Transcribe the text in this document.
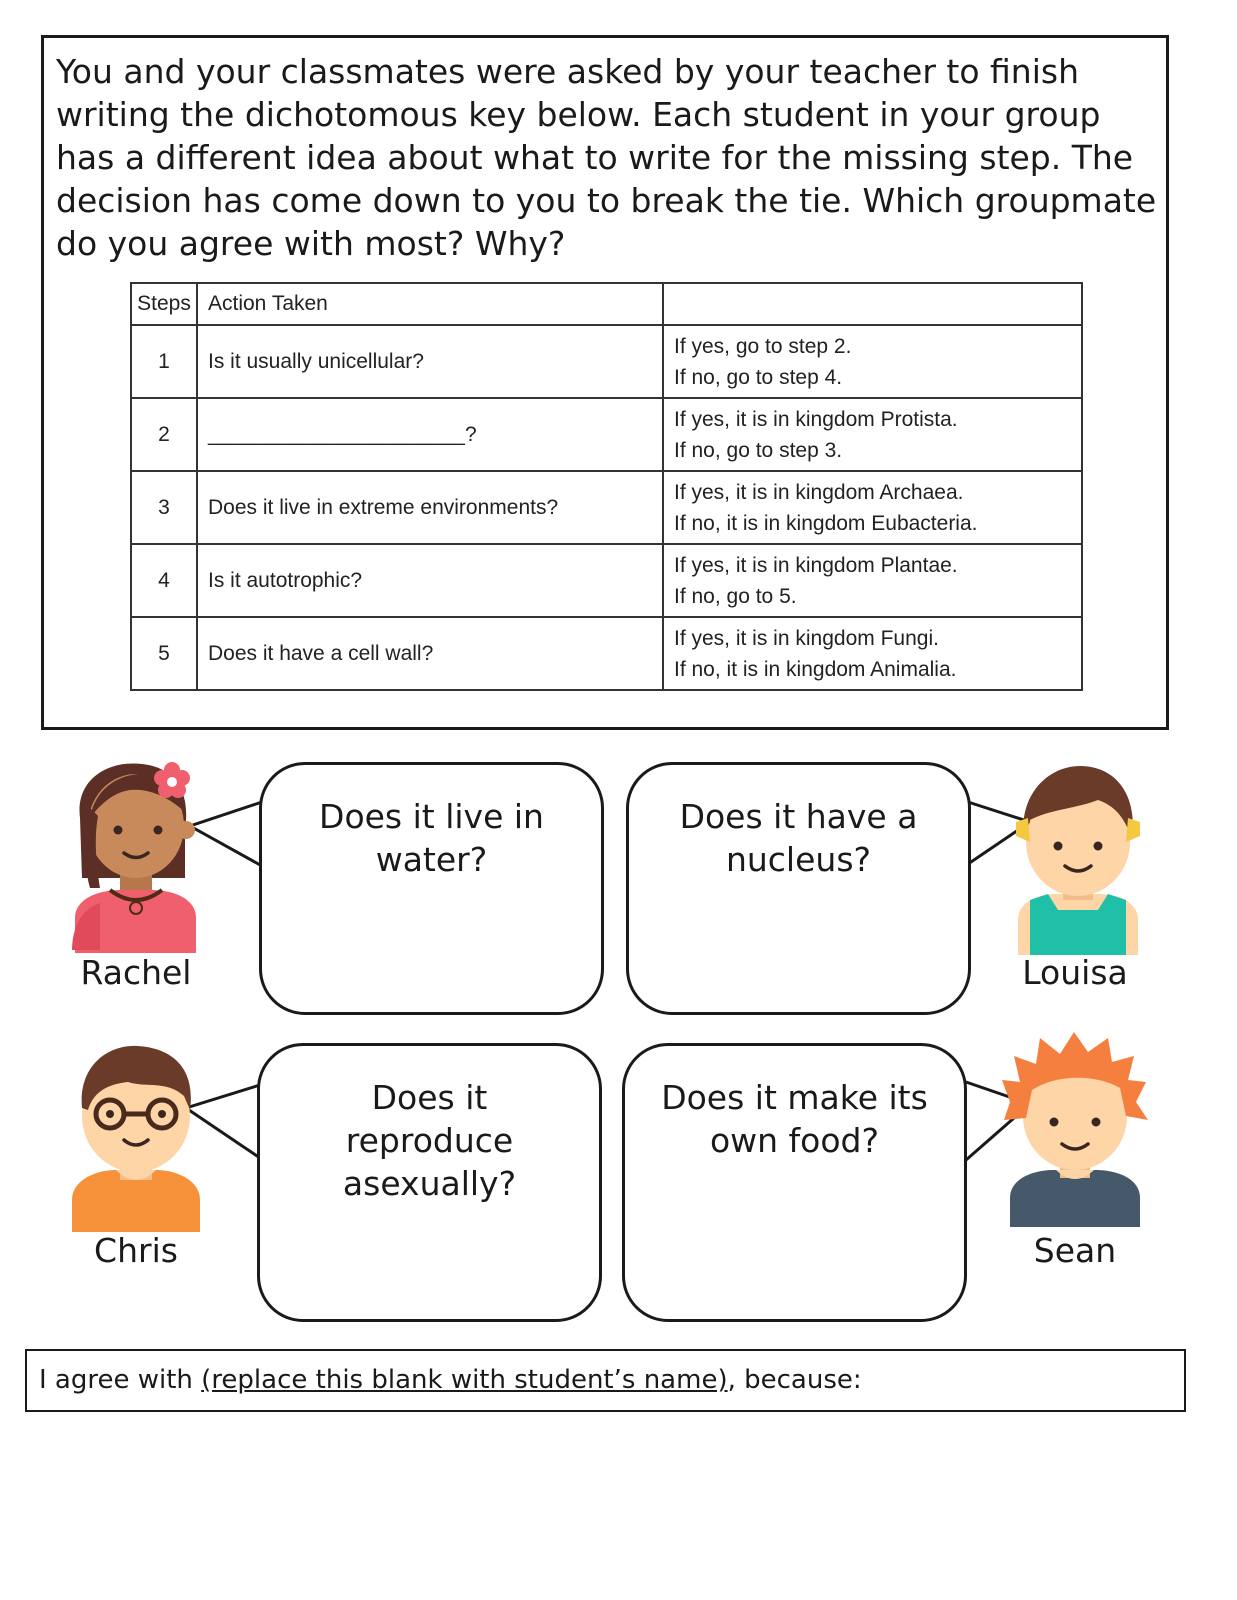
You and your classmates were asked by your teacher to finish writing the dichotomous key below. Each student in your group has a different idea about what to write for the missing step. The decision has come down to you to break the tie. Which groupmate do you agree with most? Why?

Steps	Action Taken	
1	Is it usually unicellular?	If yes, go to step 2.
If no, go to step 4.

2	______________________?	If yes, it is in kingdom Protista.
If no, go to step 3.

3	Does it live in extreme environments?	If yes, it is in kingdom Archaea.
If no, it is in kingdom Eubacteria.

4	Is it autotrophic?	If yes, it is in kingdom Plantae.
If no, go to 5.

5	Does it have a cell wall?	If yes, it is in kingdom Fungi.
If no, it is in kingdom Animalia.
Does it live in water?
Does it have a nucleus?
Does it reproduce asexually?
Does it make its own food?
Rachel	Louisa
Chris	Sean
I agree with (replace this blank with student’s name), because:
